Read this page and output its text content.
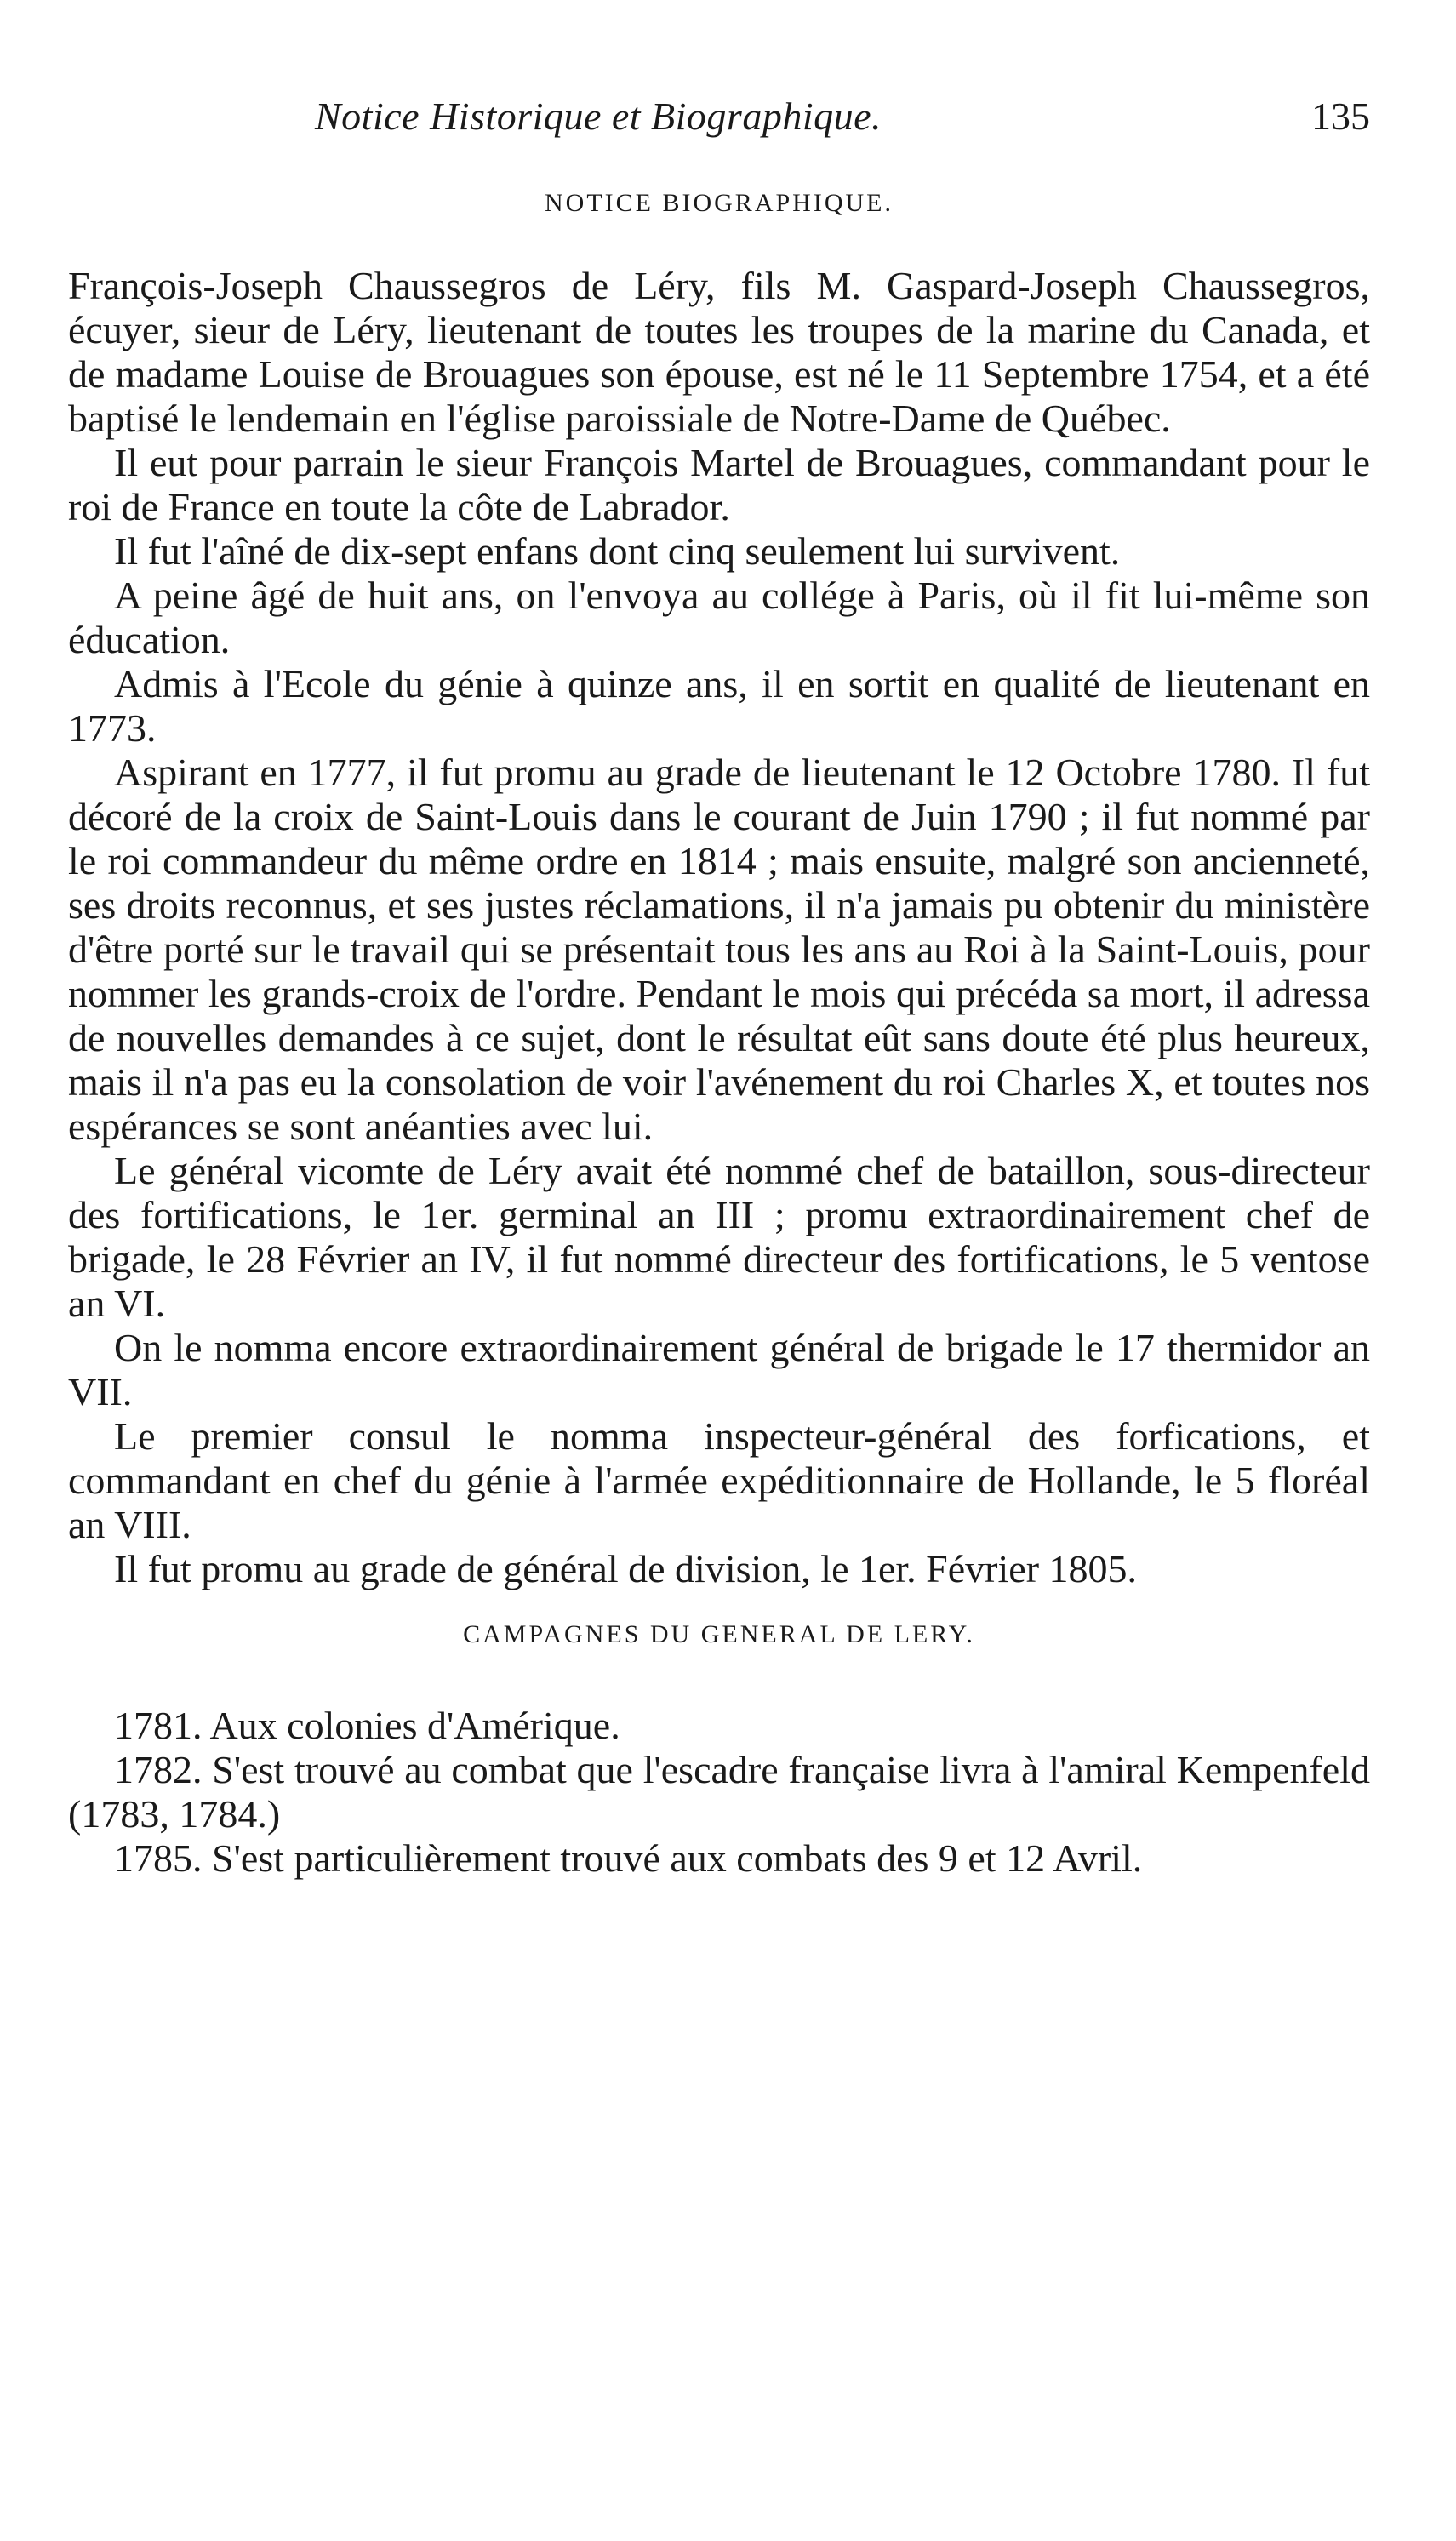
Notice Historique et Biographique.	135
NOTICE BIOGRAPHIQUE.

François-Joseph Chaussegros de Léry, fils M. Gaspard-Joseph Chaussegros, écuyer, sieur de Léry, lieutenant de toutes les troupes de la marine du Canada, et de madame Louise de Brouagues son épouse, est né le 11 Septembre 1754, et a été baptisé le lendemain en l'église paroissiale de Notre-Dame de Québec.

Il eut pour parrain le sieur François Martel de Brouagues, commandant pour le roi de France en toute la côte de Labrador.

Il fut l'aîné de dix-sept enfans dont cinq seulement lui survivent.

A peine âgé de huit ans, on l'envoya au collége à Paris, où il fit lui-même son éducation.

Admis à l'Ecole du génie à quinze ans, il en sortit en qualité de lieutenant en 1773.

Aspirant en 1777, il fut promu au grade de lieutenant le 12 Octobre 1780. Il fut décoré de la croix de Saint-Louis dans le courant de Juin 1790 ; il fut nommé par le roi commandeur du même ordre en 1814 ; mais ensuite, malgré son ancienneté, ses droits reconnus, et ses justes réclamations, il n'a jamais pu obtenir du ministère d'être porté sur le travail qui se présentait tous les ans au Roi à la Saint-Louis, pour nommer les grands-croix de l'ordre. Pendant le mois qui précéda sa mort, il adressa de nouvelles demandes à ce sujet, dont le résultat eût sans doute été plus heureux, mais il n'a pas eu la consolation de voir l'avénement du roi Charles X, et toutes nos espérances se sont anéanties avec lui.

Le général vicomte de Léry avait été nommé chef de bataillon, sous-directeur des fortifications, le 1er. germinal an III ; promu extraordinairement chef de brigade, le 28 Février an IV, il fut nommé directeur des fortifications, le 5 ventose an VI.

On le nomma encore extraordinairement général de brigade le 17 thermidor an VII.

Le premier consul le nomma inspecteur-général des forfications, et commandant en chef du génie à l'armée expéditionnaire de Hollande, le 5 floréal an VIII.

Il fut promu au grade de général de division, le 1er. Février 1805.

CAMPAGNES DU GENERAL DE LERY.

1781. Aux colonies d'Amérique.

1782. S'est trouvé au combat que l'escadre française livra à l'amiral Kempenfeld (1783, 1784.)

1785. S'est particulièrement trouvé aux combats des 9 et 12 Avril.
